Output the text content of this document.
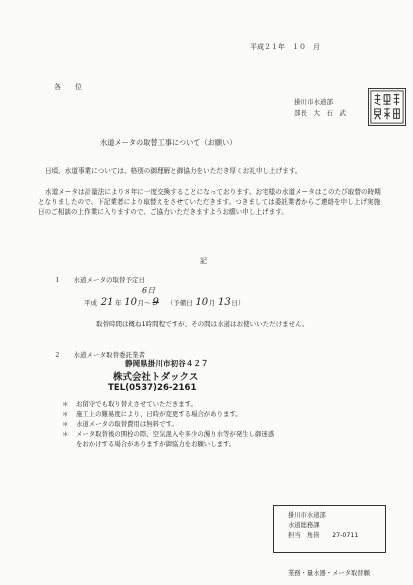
平成２１年　１０　月
各　　位
掛川市水道部
部長　大　石　武
水道メータの取替工事について（お願い）
日頃、水道事業については、格別の御理解と御協力をいただき厚くお礼申し上げます。
水道メータは計量法により８年に一度交換することになっております。お宅様の水道メータはこのたび取替の時期となりましたので、下記業者により取替えをさせていただきます。つきましては委託業者からご連絡を申し上げ実施日のご相談の上作業に入りますので、ご協力いただきますようお願い申し上げます。
記
１　　水道メータの取替予定日
平成 21 年 10月〜 9 （予備日 10月 13日）
6日
取替時間は概ね1時間程ですが、その間は水道はお使いいただけません。
２　　水道メータ取替委託業者
静岡県掛川市初谷４２７
株式会社トダックス
TEL(0537)26-2161
＊ お留守でも取り替えさせていただきます。
＊ 施工上の難易度により、日時が変更する場合があります。
＊ 水道メータの取替費用は無料です。
＊ メータ取替後の開栓の際、空気混入や多少の濁り水等が発生し御迷惑
をおかけする場合がありますが御協力をお願いします。
掛川市水道部
水道総務課
担当　角皆　　27-0711
業務・量水器・メータ取替願
